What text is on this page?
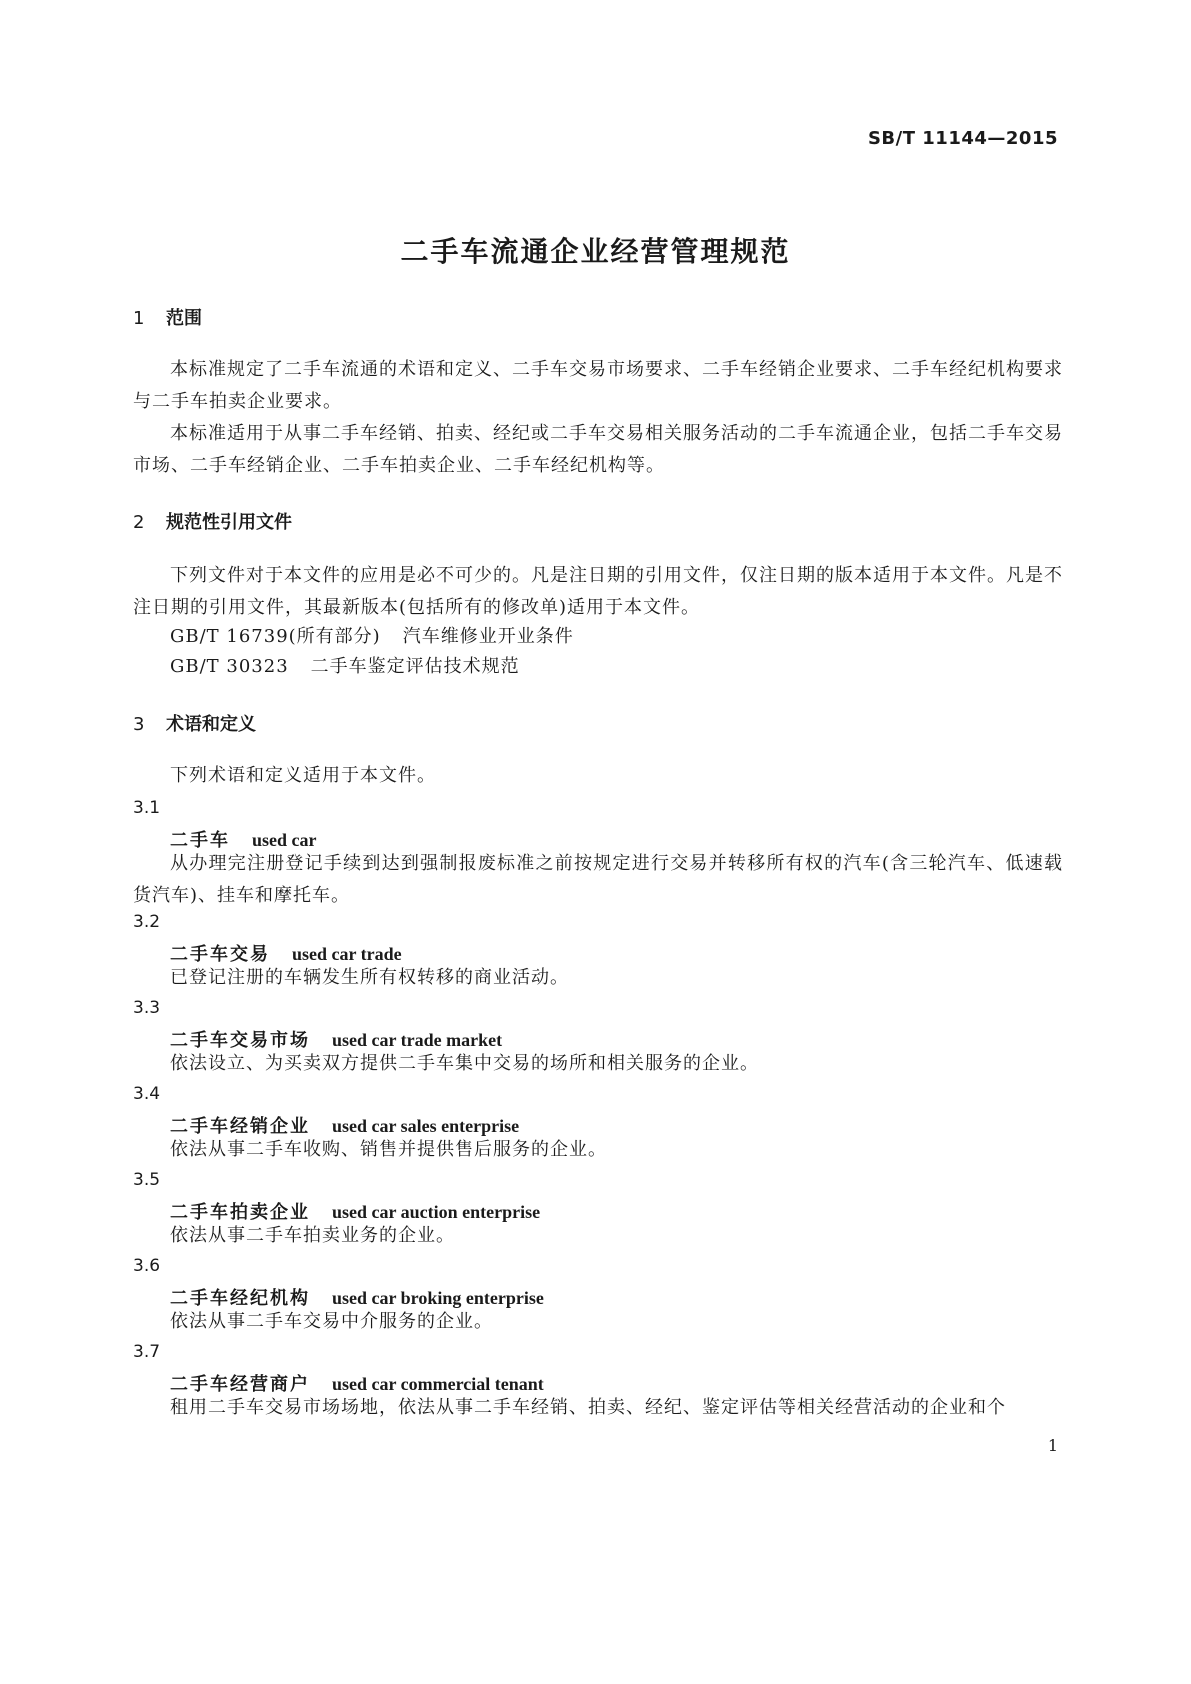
SB/T 11144—2015
二手车流通企业经营管理规范
1 范围
本标准规定了二手车流通的术语和定义、二手车交易市场要求、二手车经销企业要求、二手车经纪机构要求与二手车拍卖企业要求。
本标准适用于从事二手车经销、拍卖、经纪或二手车交易相关服务活动的二手车流通企业，包括二手车交易市场、二手车经销企业、二手车拍卖企业、二手车经纪机构等。
2 规范性引用文件
下列文件对于本文件的应用是必不可少的。凡是注日期的引用文件，仅注日期的版本适用于本文件。凡是不注日期的引用文件，其最新版本(包括所有的修改单)适用于本文件。
GB/T 16739(所有部分) 汽车维修业开业条件
GB/T 30323 二手车鉴定评估技术规范
3 术语和定义
下列术语和定义适用于本文件。
3.1
二手车 used car
从办理完注册登记手续到达到强制报废标准之前按规定进行交易并转移所有权的汽车(含三轮汽车、低速载货汽车)、挂车和摩托车。
3.2
二手车交易 used car trade
已登记注册的车辆发生所有权转移的商业活动。
3.3
二手车交易市场 used car trade market
依法设立、为买卖双方提供二手车集中交易的场所和相关服务的企业。
3.4
二手车经销企业 used car sales enterprise
依法从事二手车收购、销售并提供售后服务的企业。
3.5
二手车拍卖企业 used car auction enterprise
依法从事二手车拍卖业务的企业。
3.6
二手车经纪机构 used car broking enterprise
依法从事二手车交易中介服务的企业。
3.7
二手车经营商户 used car commercial tenant
租用二手车交易市场场地，依法从事二手车经销、拍卖、经纪、鉴定评估等相关经营活动的企业和个
1
